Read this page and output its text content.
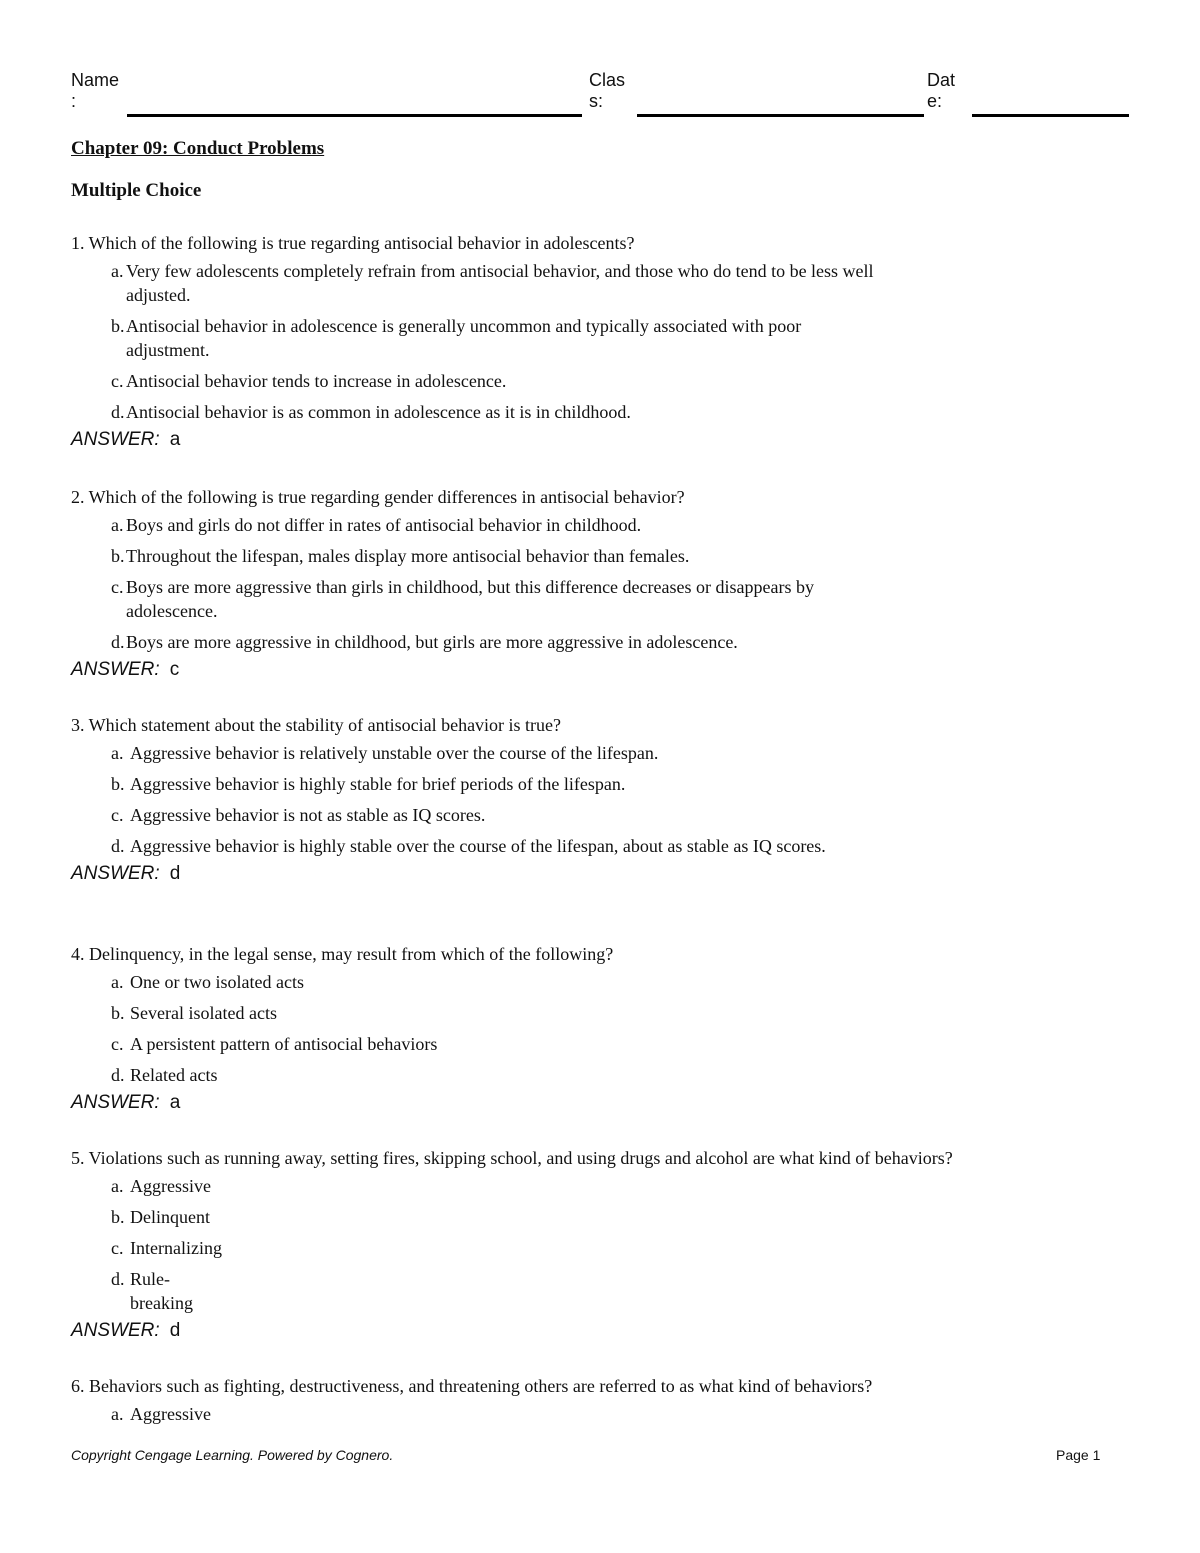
Name
:
Clas
s:
Dat
e:
Chapter 09: Conduct Problems
Multiple Choice

1. Which of the following is true regarding antisocial behavior in adolescents?

a. Very few adolescents completely refrain from antisocial behavior, and those who do tend to be less well adjusted.
b. Antisocial behavior in adolescence is generally uncommon and typically associated with poor adjustment.
c. Antisocial behavior tends to increase in adolescence.
d. Antisocial behavior is as common in adolescence as it is in childhood.
ANSWER: a

2. Which of the following is true regarding gender differences in antisocial behavior?

a. Boys and girls do not differ in rates of antisocial behavior in childhood.
b. Throughout the lifespan, males display more antisocial behavior than females.
c. Boys are more aggressive than girls in childhood, but this difference decreases or disappears by adolescence.
d. Boys are more aggressive in childhood, but girls are more aggressive in adolescence.
ANSWER: c

3. Which statement about the stability of antisocial behavior is true?

a. Aggressive behavior is relatively unstable over the course of the lifespan.
b. Aggressive behavior is highly stable for brief periods of the lifespan.
c. Aggressive behavior is not as stable as IQ scores.
d. Aggressive behavior is highly stable over the course of the lifespan, about as stable as IQ scores.
ANSWER: d

4. Delinquency, in the legal sense, may result from which of the following?

a. One or two isolated acts
b. Several isolated acts
c. A persistent pattern of antisocial behaviors
d. Related acts
ANSWER: a

5. Violations such as running away, setting fires, skipping school, and using drugs and alcohol are what kind of behaviors?

a. Aggressive
b. Delinquent
c. Internalizing
d. Rule-breaking
ANSWER: d

6. Behaviors such as fighting, destructiveness, and threatening others are referred to as what kind of behaviors?

a. Aggressive
Copyright Cengage Learning. Powered by Cognero.	Page 1
